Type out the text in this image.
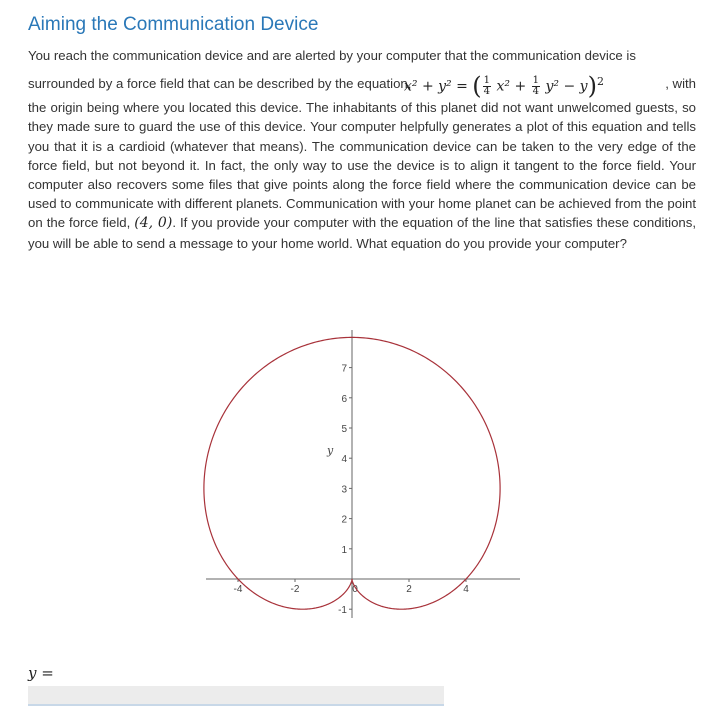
Aiming the Communication Device
You reach the communication device and are alerted by your computer that the communication device is
surrounded by a force field that can be described by the equation,
x² + y² = ( $\frac{1}{4} x^2 + \frac{1}{4} y^2 - y)^2$	, with
the origin being where you located this device. The inhabitants of this planet did not want unwelcomed guests, so they made sure to guard the use of this device. Your computer helpfully generates a plot of this equation and tells you that it is a cardioid (whatever that means). The communication device can be taken to the very edge of the force field, but not beyond it. In fact, the only way to use the device is to align it tangent to the force field. Your computer also recovers some files that give points along the force field where the communication device can be used to communicate with different planets. Communication with your home planet can be achieved from the point on the force field, (4, 0). If you provide your computer with the equation of the line that satisfies these conditions, you will be able to send a message to your home world. What equation do you provide your computer?
y
7
6
5
4
3
2
1
-1
-4	-2	0	2	4
y =
